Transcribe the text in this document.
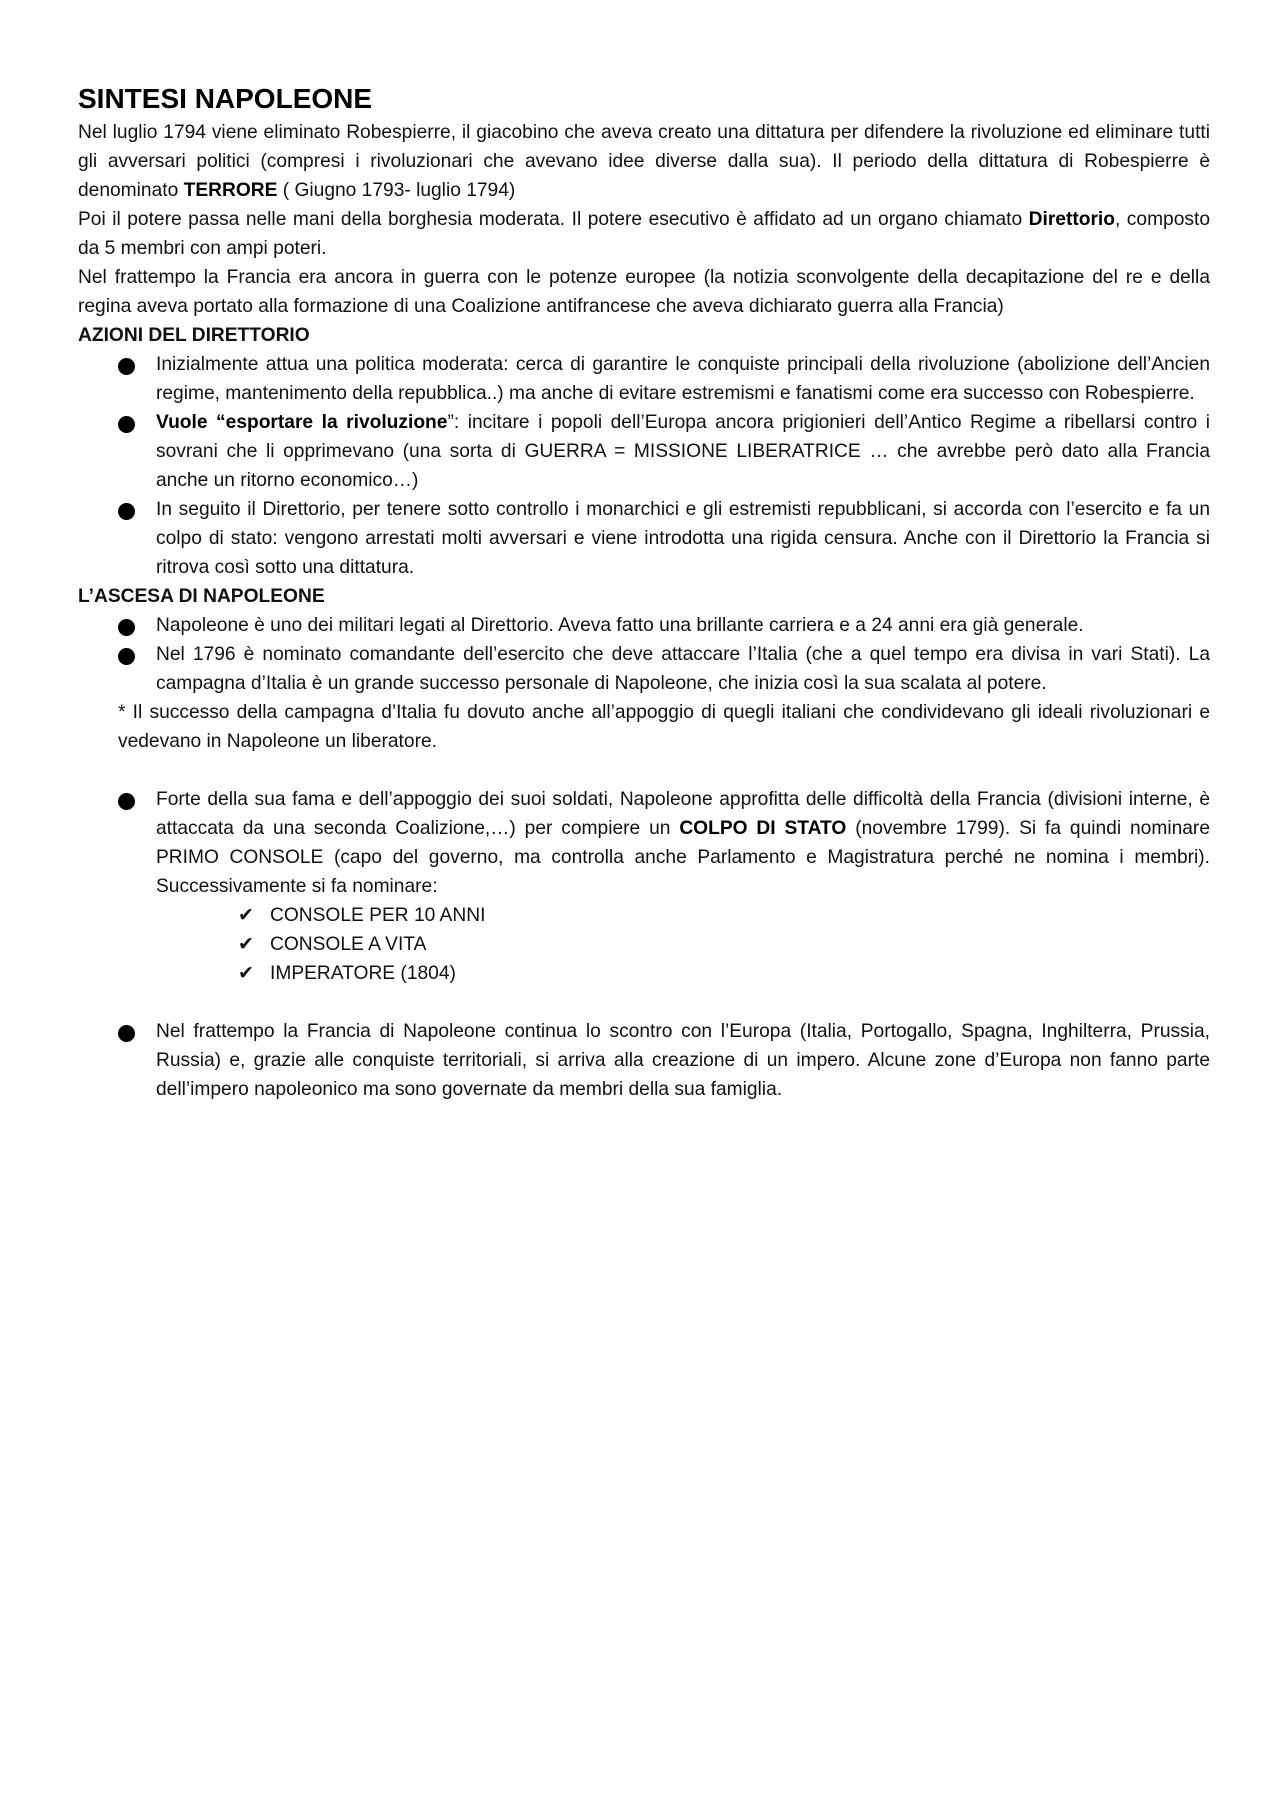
SINTESI NAPOLEONE

Nel luglio 1794 viene eliminato Robespierre, il giacobino che aveva creato una dittatura per difendere la rivoluzione ed eliminare tutti gli avversari politici (compresi i rivoluzionari che avevano idee diverse dalla sua). Il periodo della dittatura di Robespierre è denominato TERRORE ( Giugno 1793- luglio 1794)

Poi il potere passa nelle mani della borghesia moderata. Il potere esecutivo è affidato ad un organo chiamato Direttorio, composto da 5 membri con ampi poteri.

Nel frattempo la Francia era ancora in guerra con le potenze europee (la notizia sconvolgente della decapitazione del re e della regina aveva portato alla formazione di una Coalizione antifrancese che aveva dichiarato guerra alla Francia)

AZIONI DEL DIRETTORIO

Inizialmente attua una politica moderata: cerca di garantire le conquiste principali della rivoluzione (abolizione dell’Ancien regime, mantenimento della repubblica..) ma anche di evitare estremismi e fanatismi come era successo con Robespierre.
Vuole “esportare la rivoluzione”: incitare i popoli dell’Europa ancora prigionieri dell’Antico Regime a ribellarsi contro i sovrani che li opprimevano (una sorta di GUERRA = MISSIONE LIBERATRICE … che avrebbe però dato alla Francia anche un ritorno economico…)
In seguito il Direttorio, per tenere sotto controllo i monarchici e gli estremisti repubblicani, si accorda con l’esercito e fa un colpo di stato: vengono arrestati molti avversari e viene introdotta una rigida censura. Anche con il Direttorio la Francia si ritrova così sotto una dittatura.

L’ASCESA DI NAPOLEONE

Napoleone è uno dei militari legati al Direttorio. Aveva fatto una brillante carriera e a 24 anni era già generale.
Nel 1796 è nominato comandante dell’esercito che deve attaccare l’Italia (che a quel tempo era divisa in vari Stati). La campagna d’Italia è un grande successo personale di Napoleone, che inizia così la sua scalata al potere.

* Il successo della campagna d’Italia fu dovuto anche all’appoggio di quegli italiani che condividevano gli ideali rivoluzionari e vedevano in Napoleone un liberatore.

Forte della sua fama e dell’appoggio dei suoi soldati, Napoleone approfitta delle difficoltà della Francia (divisioni interne, è attaccata da una seconda Coalizione,…) per compiere un COLPO DI STATO (novembre 1799). Si fa quindi nominare PRIMO CONSOLE (capo del governo, ma controlla anche Parlamento e Magistratura perché ne nomina i membri). Successivamente si fa nominare:
✔ CONSOLE PER 10 ANNI
✔ CONSOLE A VITA
✔ IMPERATORE (1804)
Nel frattempo la Francia di Napoleone continua lo scontro con l’Europa (Italia, Portogallo, Spagna, Inghilterra, Prussia, Russia) e, grazie alle conquiste territoriali, si arriva alla creazione di un impero. Alcune zone d’Europa non fanno parte dell’impero napoleonico ma sono governate da membri della sua famiglia.
